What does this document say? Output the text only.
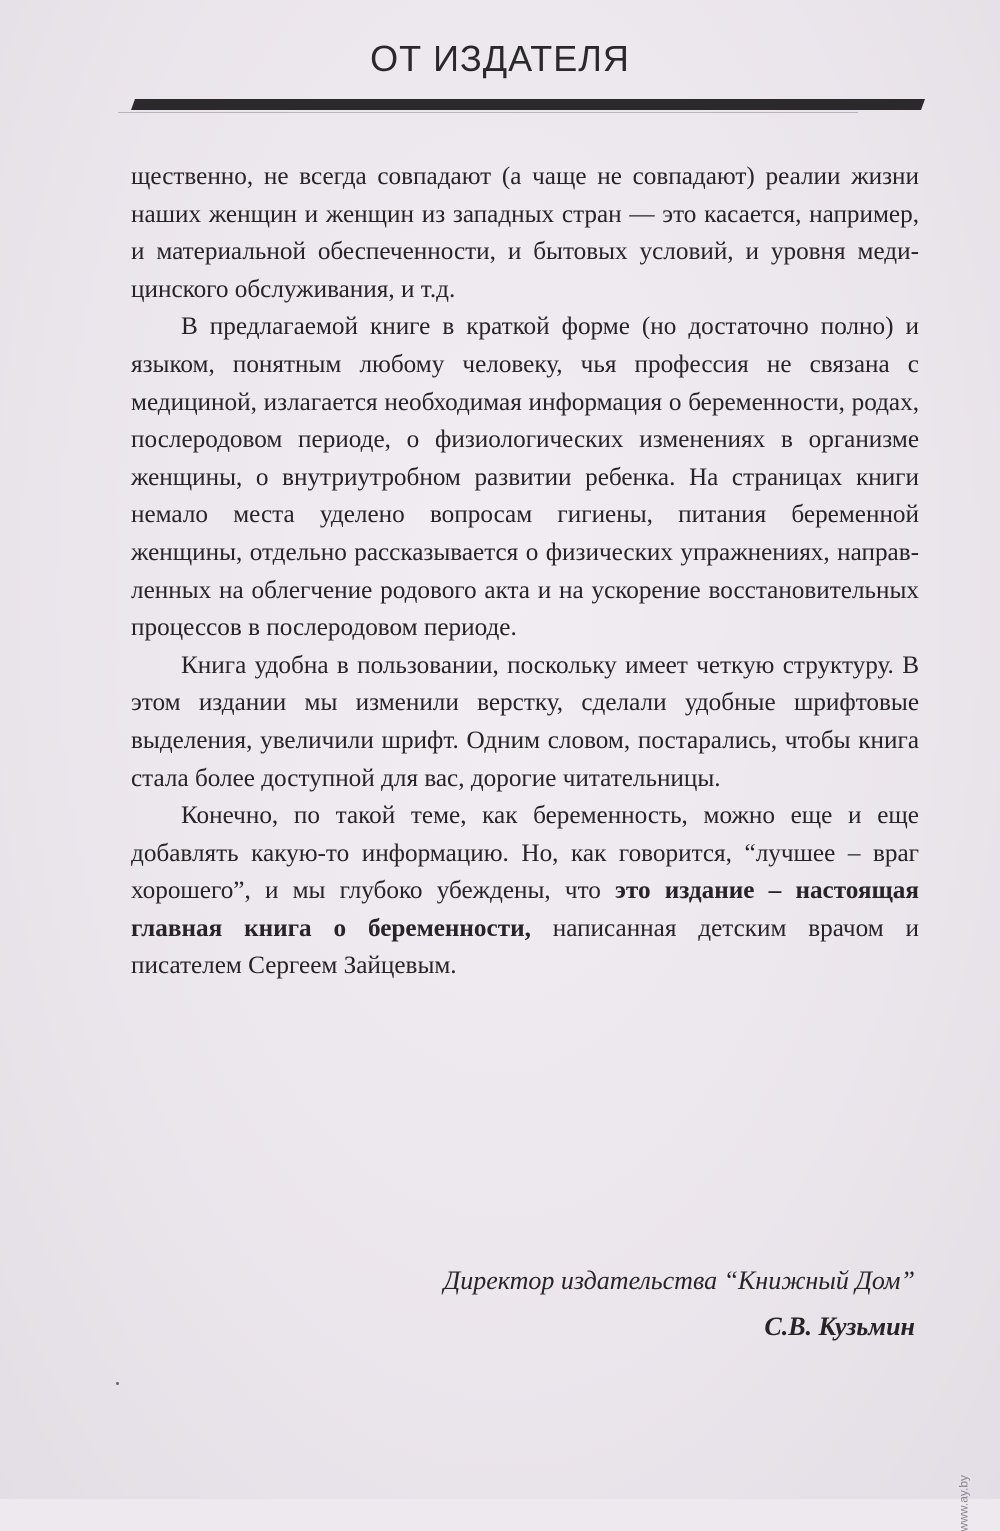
ОТ ИЗДАТЕЛЯ

щественно, не всегда совпадают (а чаще не совпадают) реалии жизни наших женщин и женщин из западных стран — это касается, например, и материальной обеспеченности, и бытовых условий, и уровня медицинского обслуживания, и т.д.

В предлагаемой книге в краткой форме (но достаточно полно) и языком, понятным любому человеку, чья профессия не связана с медициной, излагается необходимая информация о беременности, родах, послеродовом периоде, о физиологических изменениях в организме женщины, о внутриутробном развитии ребенка. На страницах книги немало места уделено вопросам гигиены, питания беременной женщины, отдельно рассказывается о физических упражнениях, направленных на облегчение родового акта и на ускорение восстановительных процессов в послеродовом периоде.

Книга удобна в пользовании, поскольку имеет четкую структуру. В этом издании мы изменили верстку, сделали удобные шрифтовые выделения, увеличили шрифт. Одним словом, постарались, чтобы книга стала более доступной для вас, дорогие читательницы.

Конечно, по такой теме, как беременность, можно еще и еще добавлять какую-то информацию. Но, как говорится, “лучшее – враг хорошего”, и мы глубоко убеждены, что это издание – настоящая главная книга о беременности, написанная детским врачом и писателем Сергеем Зайцевым.

Директор издательства “Книжный Дом”
С.В. Кузьмин
www.ay.by
